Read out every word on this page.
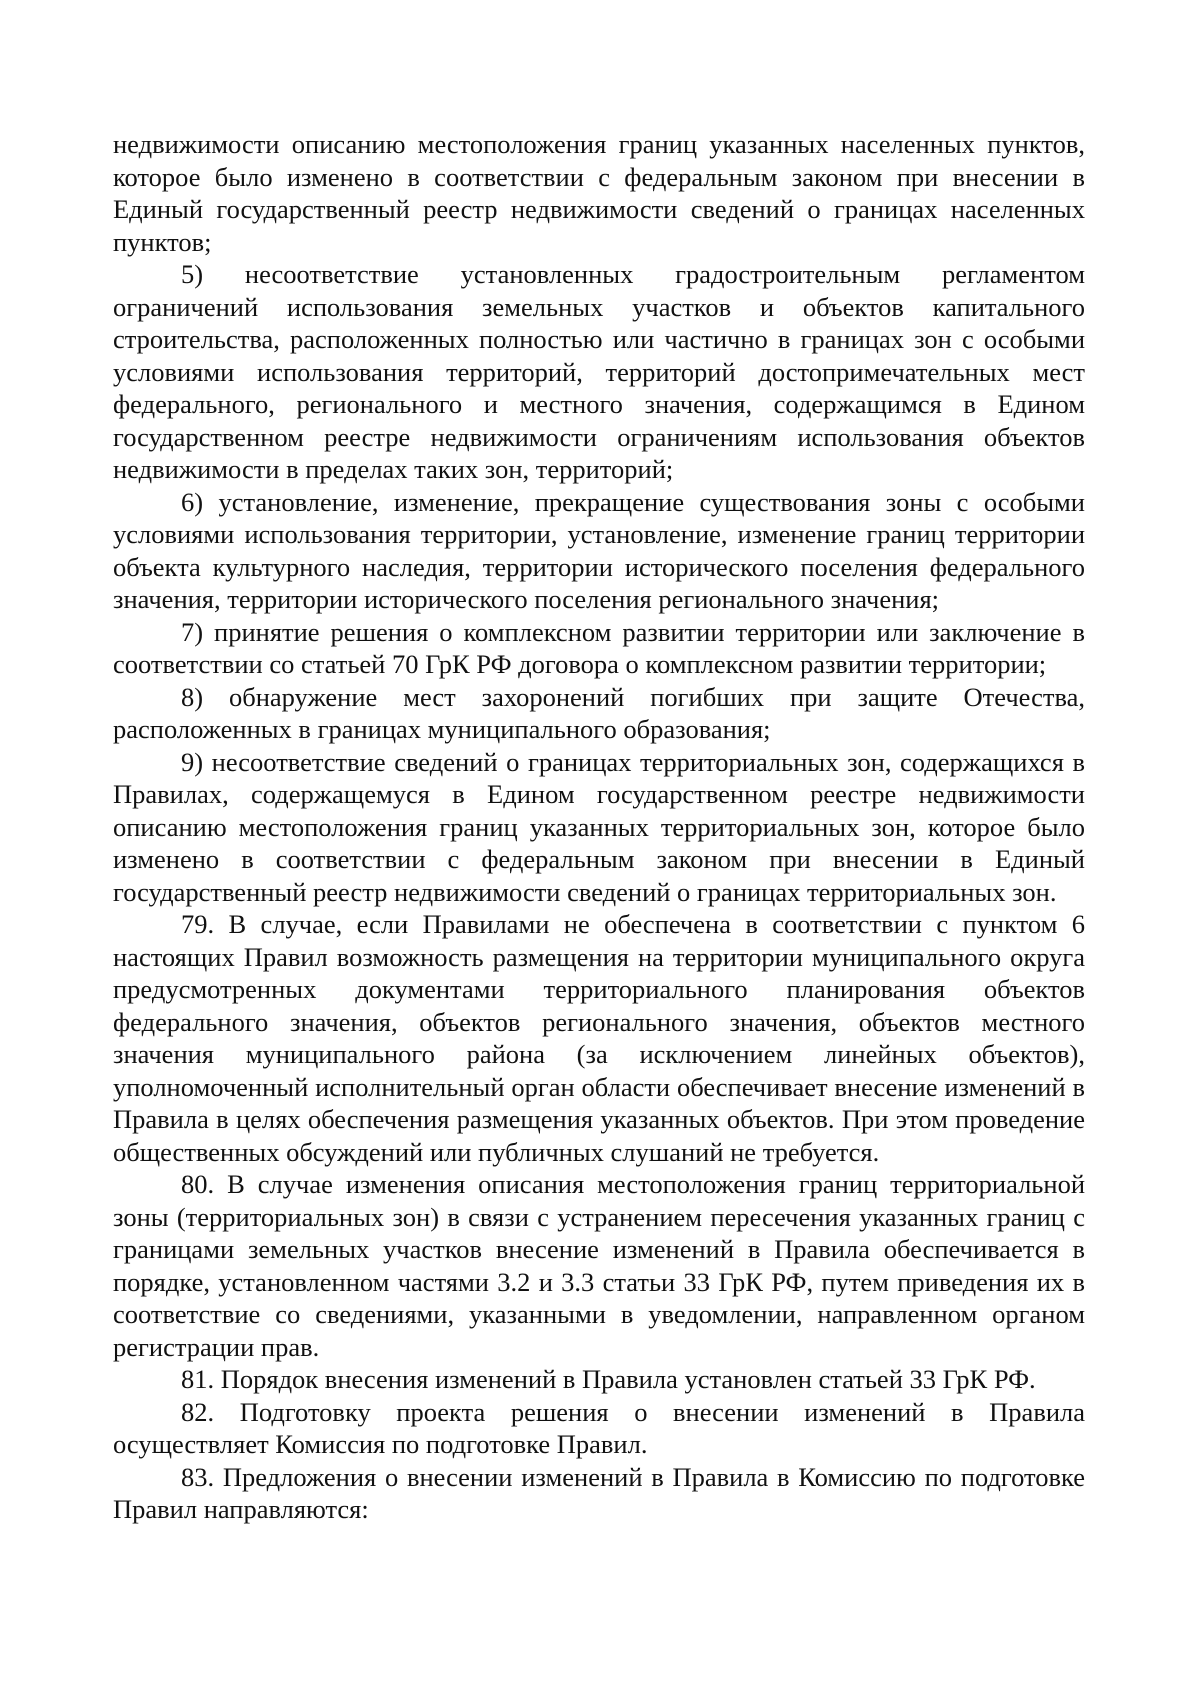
недвижимости описанию местоположения границ указанных населенных пунктов, которое было изменено в соответствии с федеральным законом при внесении в Единый государственный реестр недвижимости сведений о границах населенных пунктов;

5) несоответствие установленных градостроительным регламентом ограничений использования земельных участков и объектов капитального строительства, расположенных полностью или частично в границах зон с особыми условиями использования территорий, территорий достопримечательных мест федерального, регионального и местного значения, содержащимся в Едином государственном реестре недвижимости ограничениям использования объектов недвижимости в пределах таких зон, территорий;

6) установление, изменение, прекращение существования зоны с особыми условиями использования территории, установление, изменение границ территории объекта культурного наследия, территории исторического поселения федерального значения, территории исторического поселения регионального значения;

7) принятие решения о комплексном развитии территории или заключение в соответствии со статьей 70 ГрК РФ договора о комплексном развитии территории;

8) обнаружение мест захоронений погибших при защите Отечества, расположенных в границах муниципального образования;

9) несоответствие сведений о границах территориальных зон, содержащихся в Правилах, содержащемуся в Едином государственном реестре недвижимости описанию местоположения границ указанных территориальных зон, которое было изменено в соответствии с федеральным законом при внесении в Единый государственный реестр недвижимости сведений о границах территориальных зон.

79. В случае, если Правилами не обеспечена в соответствии с пунктом 6 настоящих Правил возможность размещения на территории муниципального округа предусмотренных документами территориального планирования объектов федерального значения, объектов регионального значения, объектов местного значения муниципального района (за исключением линейных объектов), уполномоченный исполнительный орган области обеспечивает внесение изменений в Правила в целях обеспечения размещения указанных объектов. При этом проведение общественных обсуждений или публичных слушаний не требуется.

80. В случае изменения описания местоположения границ территориальной зоны (территориальных зон) в связи с устранением пересечения указанных границ с границами земельных участков внесение изменений в Правила обеспечивается в порядке, установленном частями 3.2 и 3.3 статьи 33 ГрК РФ, путем приведения их в соответствие со сведениями, указанными в уведомлении, направленном органом регистрации прав.

81. Порядок внесения изменений в Правила установлен статьей 33 ГрК РФ.

82. Подготовку проекта решения о внесении изменений в Правила осуществляет Комиссия по подготовке Правил.

83. Предложения о внесении изменений в Правила в Комиссию по подготовке Правил направляются:
